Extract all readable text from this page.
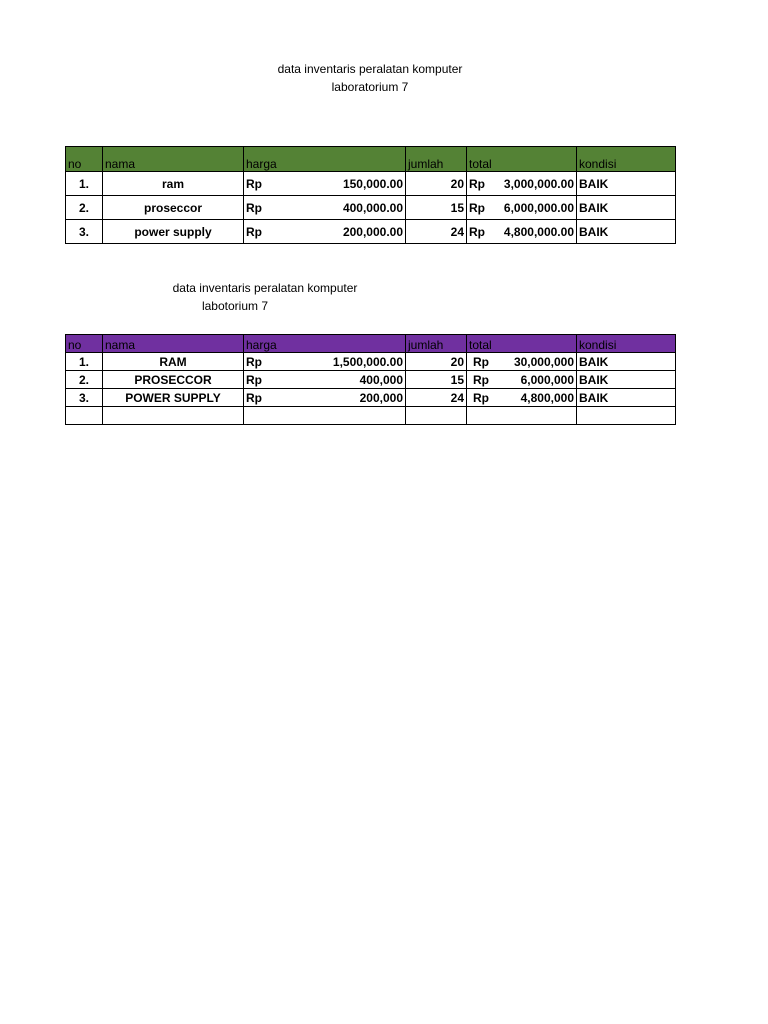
data inventaris peralatan komputer
laboratorium 7
no	nama	harga	jumlah	total	kondisi
1.	ram	Rp 150,000.00	20	Rp 3,000,000.00	BAIK
2.	proseccor	Rp 400,000.00	15	Rp 6,000,000.00	BAIK
3.	power supply	Rp 200,000.00	24	Rp 4,800,000.00	BAIK
data inventaris peralatan komputer
labotorium 7
no	nama	harga	jumlah	total	kondisi
1.	RAM	Rp 1,500,000.00	20	Rp 30,000,000	BAIK
2.	PROSECCOR	Rp 400,000	15	Rp 6,000,000	BAIK
3.	POWER SUPPLY	Rp 200,000	24	Rp 4,800,000	BAIK
